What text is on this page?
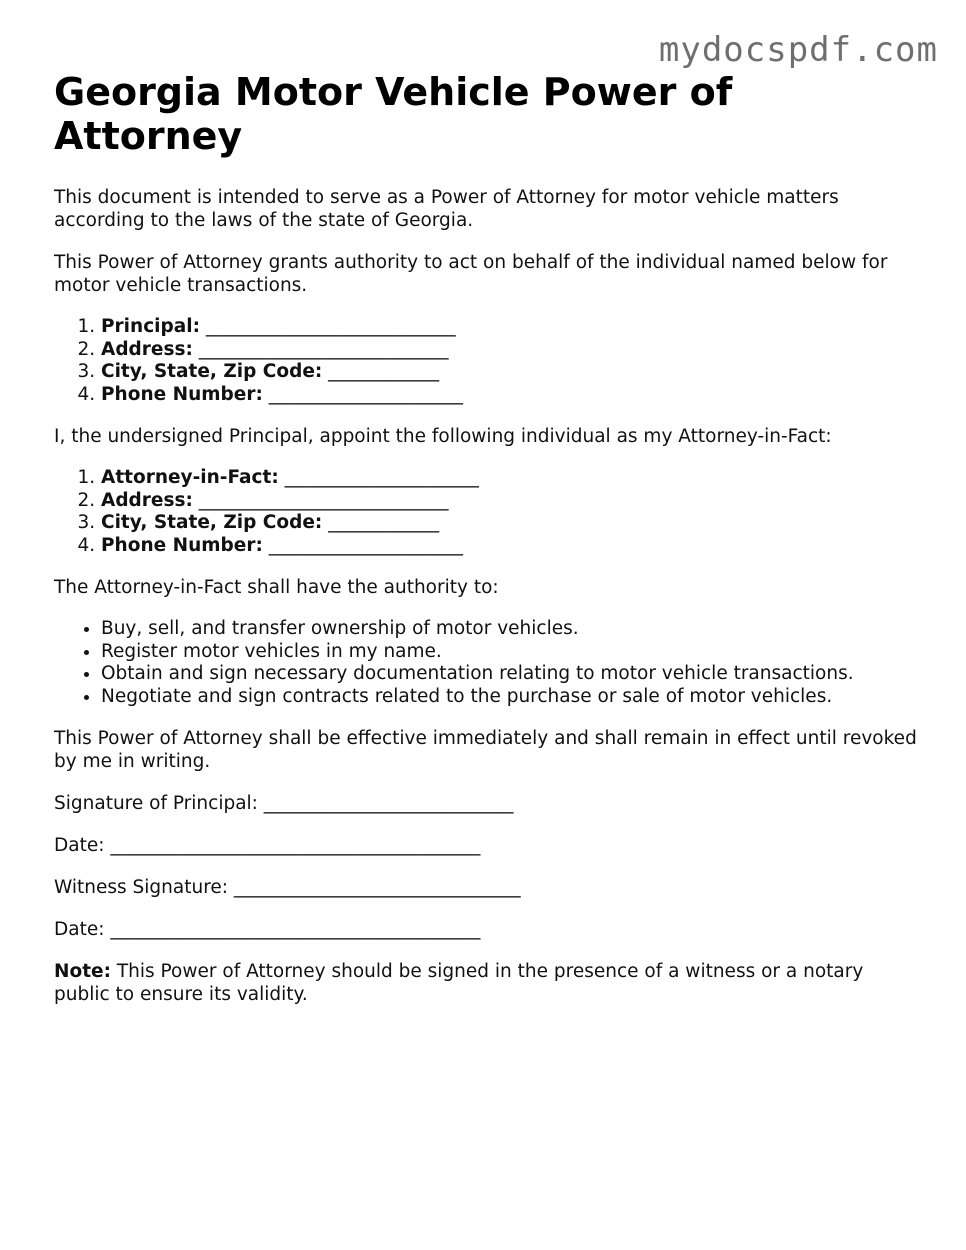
mydocspdf.com
Georgia Motor Vehicle Power of Attorney

This document is intended to serve as a Power of Attorney for motor vehicle matters according to the laws of the state of Georgia.

This Power of Attorney grants authority to act on behalf of the individual named below for motor vehicle transactions.

1. Principal: ___________________________
2. Address: ___________________________
3. City, State, Zip Code: ____________
4. Phone Number: _____________________

I, the undersigned Principal, appoint the following individual as my Attorney-in-Fact:

1. Attorney-in-Fact: _____________________
2. Address: ___________________________
3. City, State, Zip Code: ____________
4. Phone Number: _____________________

The Attorney-in-Fact shall have the authority to:

• Buy, sell, and transfer ownership of motor vehicles.
• Register motor vehicles in my name.
• Obtain and sign necessary documentation relating to motor vehicle transactions.
• Negotiate and sign contracts related to the purchase or sale of motor vehicles.

This Power of Attorney shall be effective immediately and shall remain in effect until revoked by me in writing.

Signature of Principal: ___________________________

Date: ________________________________________

Witness Signature: _______________________________

Date: ________________________________________

Note: This Power of Attorney should be signed in the presence of a witness or a notary public to ensure its validity.
